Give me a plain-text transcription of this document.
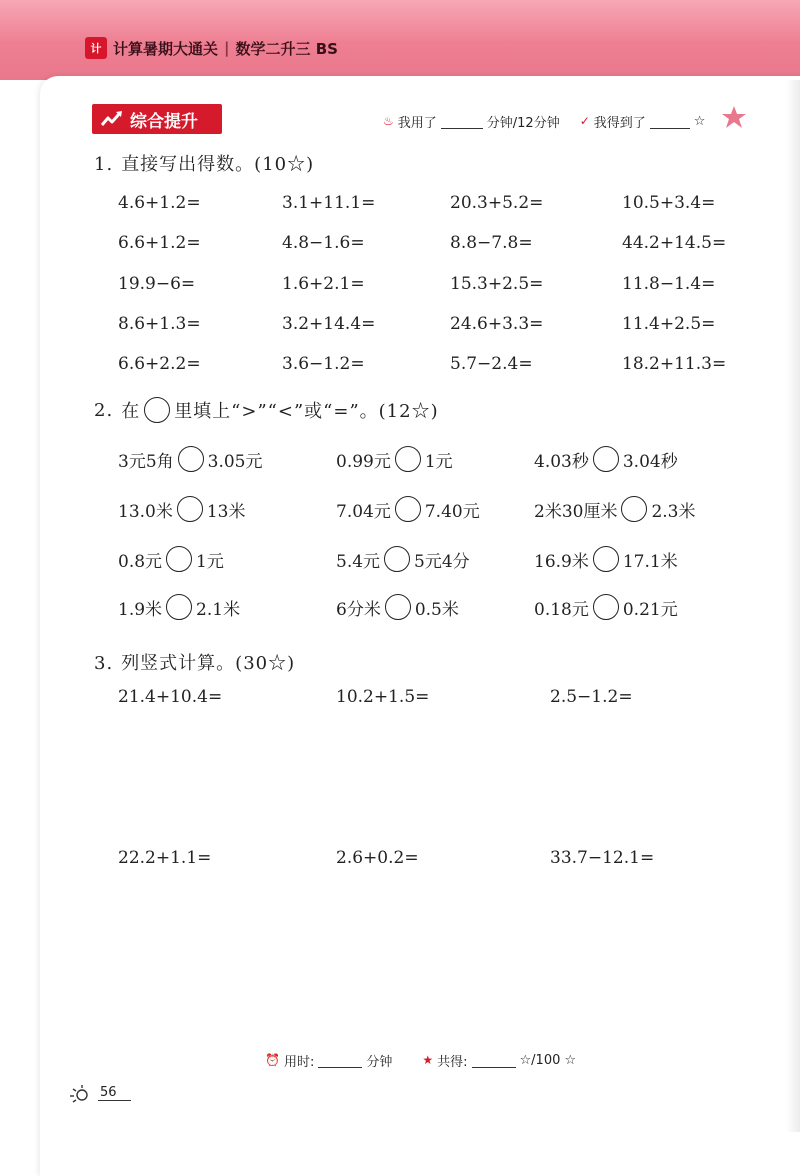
计 计算暑期大通关 | 数学二升三 BS
综合提升	♨ 我用了	分钟/12分钟 ✓ 我得到了	☆
1. 直接写出得数。(10☆)
4.6+1.2=	3.1+11.1=	20.3+5.2=	10.5+3.4=
6.6+1.2=	4.8−1.6=	8.8−7.8=	44.2+14.5=
19.9−6=	1.6+2.1=	15.3+2.5=	11.8−1.4=
8.6+1.3=	3.2+14.4=	24.6+3.3=	11.4+2.5=
6.6+2.2=	3.6−1.2=	5.7−2.4=	18.2+11.3=
2. 在 里填上“>”“<”或“=”。(12☆)
3元5角 3.05元	0.99元 1元	4.03秒 3.04秒
13.0米 13米	7.04元 7.40元	2米30厘米 2.3米
0.8元 1元	5.4元 5元4分	16.9米 17.1米
1.9米 2.1米	6分米 0.5米	0.18元 0.21元
3. 列竖式计算。(30☆)
21.4+10.4=	10.2+1.5=	2.5−1.2=
22.2+1.1=	2.6+0.2=	33.7−12.1=
⏰ 用时:	分钟	★ 共得:	☆/100 ☆
56
